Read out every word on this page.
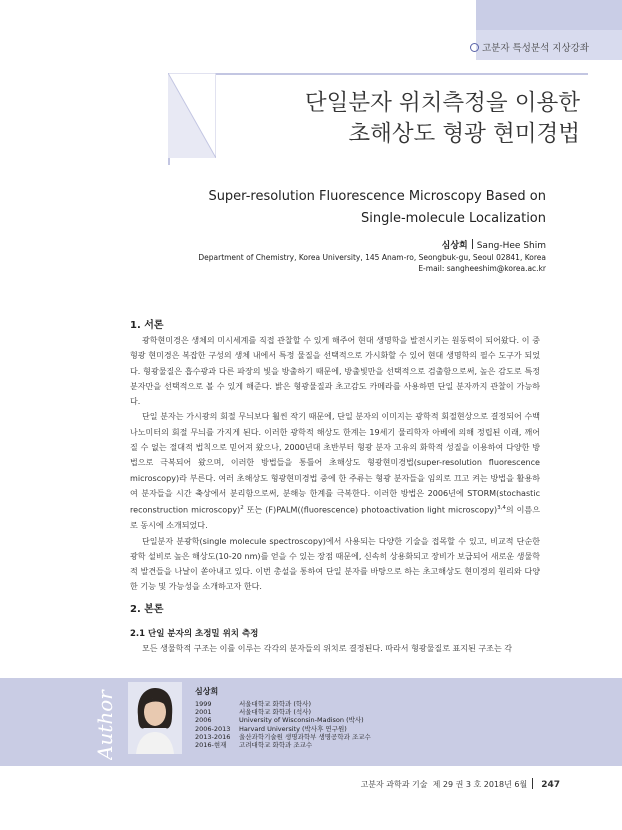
고분자 특성분석 지상강좌
단일분자 위치측정을 이용한
초해상도 형광 현미경법
Super-resolution Fluorescence Microscopy Based on
Single-molecule Localization
심상희 Sang-Hee Shim
Department of Chemistry, Korea University, 145 Anam-ro, Seongbuk-gu, Seoul 02841, Korea
E-mail: sangheeshim@korea.ac.kr
1. 서론

광학현미경은 생체의 미시세계를 직접 관찰할 수 있게 해주어 현대 생명학을 발전시키는 원동력이 되어왔다. 이 중 형광 현미경은 복잡한 구성의 생체 내에서 특정 물질을 선택적으로 가시화할 수 있어 현대 생명학의 필수 도구가 되었다. 형광물질은 흡수광과 다른 파장의 빛을 방출하기 때문에, 방출빛만을 선택적으로 검출함으로써, 높은 감도로 특정 분자만을 선택적으로 볼 수 있게 해준다. 밝은 형광물질과 초고감도 카메라를 사용하면 단일 분자까지 관찰이 가능하다.

단일 분자는 가시광의 회절 무늬보다 훨씬 작기 때문에, 단일 분자의 이미지는 광학적 회절현상으로 결정되어 수백 나노미터의 회절 무늬를 가지게 된다. 이러한 광학적 해상도 한계는 19세기 물리학자 아베에 의해 정립된 이래, 깨어질 수 없는 절대적 법칙으로 믿어져 왔으나, 2000년대 초반부터 형광 분자 고유의 화학적 성질을 이용하여 다양한 방법으로 극복되어 왔으며, 이러한 방법들을 통틀어 초해상도 형광현미경법(super-resolution fluorescence microscopy)라 부른다. 여러 초해상도 형광현미경법 중에 한 주류는 형광 분자들을 임의로 끄고 켜는 방법을 활용하여 분자들을 시간 축상에서 분리함으로써, 분해능 한계를 극복한다. 이러한 방법은 2006년에 STORM(stochastic reconstruction microscopy)$^2$ 또는 (F)PALM((fluorescence) photoactivation light microscopy)$^{3,4}$의 이름으로 동시에 소개되었다.

단일분자 분광학(single molecule spectroscopy)에서 사용되는 다양한 기술을 접목할 수 있고, 비교적 단순한 광학 설비로 높은 해상도(10-20 nm)를 얻을 수 있는 장점 때문에, 신속히 상용화되고 장비가 보급되어 새로운 생물학적 발견들을 나날이 쏟아내고 있다. 이번 총설을 통하여 단일 분자를 바탕으로 하는 초고해상도 현미경의 원리와 다양한 기능 및 가능성을 소개하고자 한다.

2. 본론
2.1 단일 분자의 초정밀 위치 측정

모든 생물학적 구조는 이를 이루는 각각의 분자들의 위치로 결정된다. 따라서 형광물질로 표지된 구조는 각

Author	심상희
1999	서울대학교 화학과 (학사)
2001	서울대학교 화학과 (석사)
2006	University of Wisconsin-Madison (박사)
2006-2013	Harvard University (박사후 연구원)
2013-2016	울산과학기술원 생명과학부 생명공학과 조교수
2016-현재	고려대학교 화학과 조교수
고분자 과학과 기술 제 29 권 3 호 2018년 6월 247
